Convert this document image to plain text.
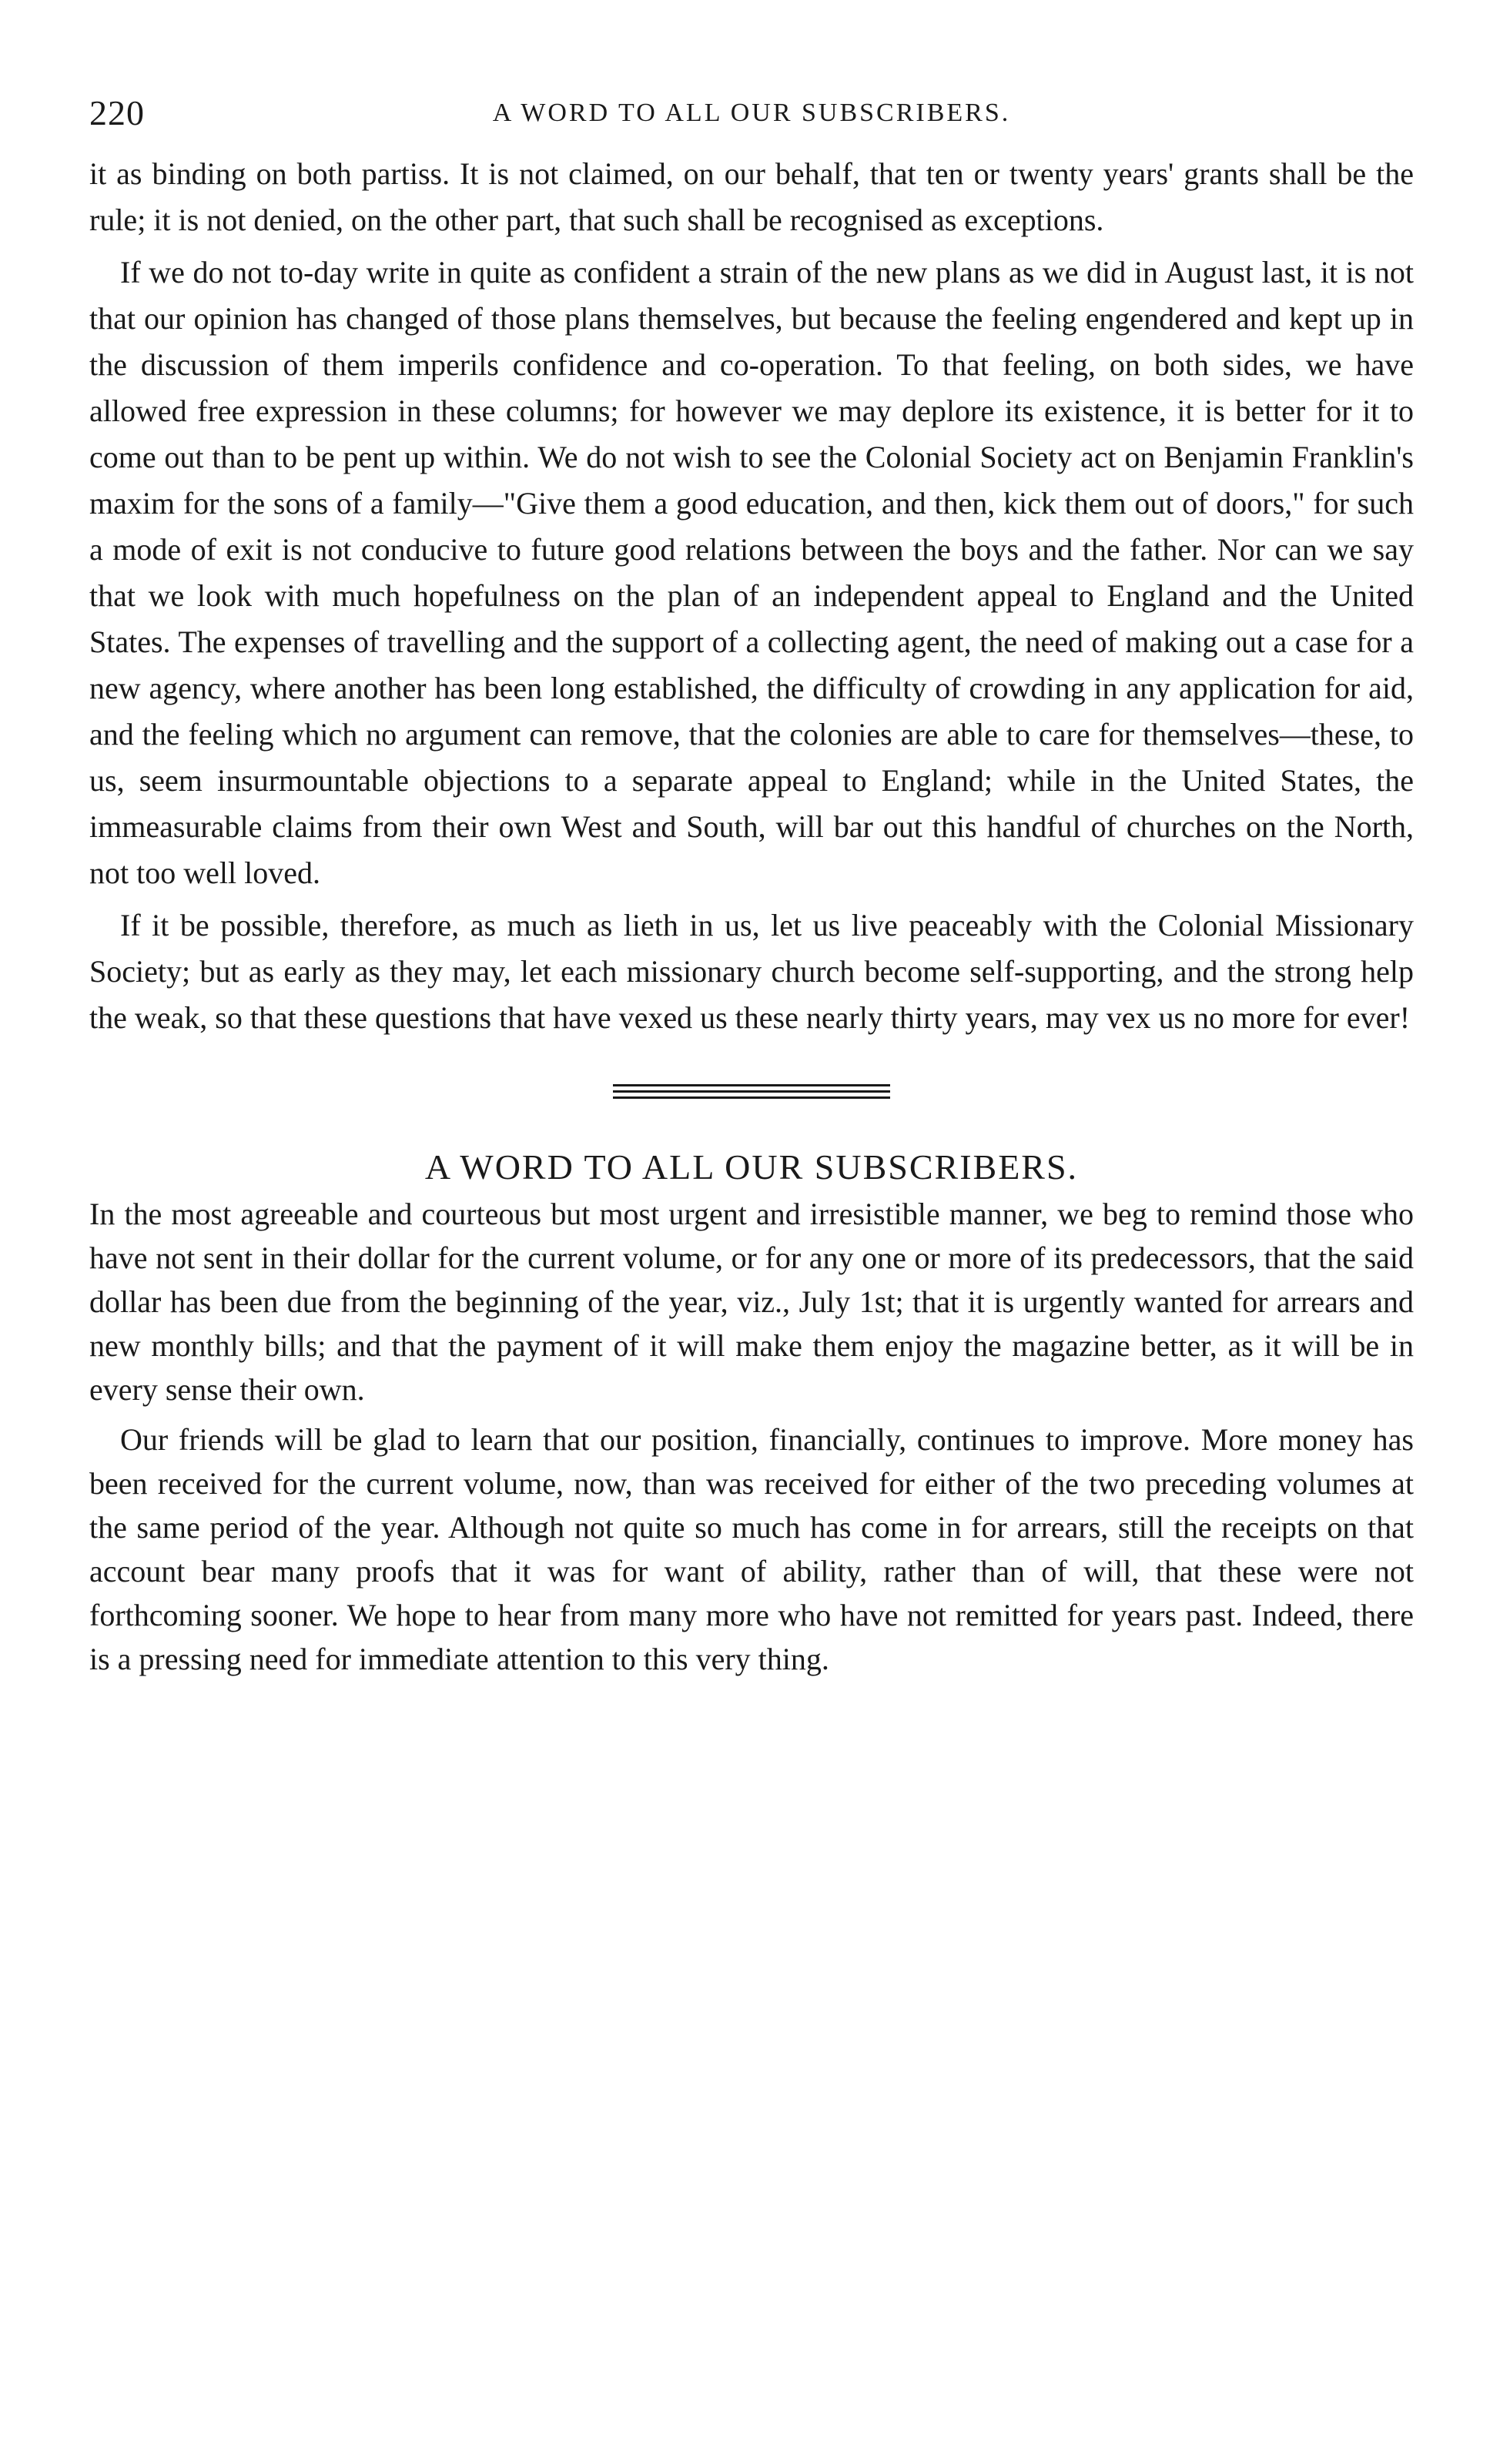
220	A WORD TO ALL OUR SUBSCRIBERS.

it as binding on both partiss. It is not claimed, on our behalf, that ten or twenty years' grants shall be the rule; it is not denied, on the other part, that such shall be recognised as exceptions.

If we do not to-day write in quite as confident a strain of the new plans as we did in August last, it is not that our opinion has changed of those plans themselves, but because the feeling engendered and kept up in the discussion of them imperils confidence and co-operation. To that feeling, on both sides, we have allowed free expression in these columns; for however we may deplore its existence, it is better for it to come out than to be pent up within. We do not wish to see the Colonial Society act on Benjamin Franklin's maxim for the sons of a family—"Give them a good education, and then, kick them out of doors," for such a mode of exit is not conducive to future good relations between the boys and the father. Nor can we say that we look with much hopefulness on the plan of an independent appeal to England and the United States. The expenses of travelling and the support of a collecting agent, the need of making out a case for a new agency, where another has been long established, the difficulty of crowding in any application for aid, and the feeling which no argument can remove, that the colonies are able to care for themselves—these, to us, seem insurmountable objections to a separate appeal to England; while in the United States, the immeasurable claims from their own West and South, will bar out this handful of churches on the North, not too well loved.

If it be possible, therefore, as much as lieth in us, let us live peaceably with the Colonial Missionary Society; but as early as they may, let each missionary church become self-supporting, and the strong help the weak, so that these questions that have vexed us these nearly thirty years, may vex us no more for ever!

A WORD TO ALL OUR SUBSCRIBERS.

In the most agreeable and courteous but most urgent and irresistible manner, we beg to remind those who have not sent in their dollar for the current volume, or for any one or more of its predecessors, that the said dollar has been due from the beginning of the year, viz., July 1st; that it is urgently wanted for arrears and new monthly bills; and that the payment of it will make them enjoy the magazine better, as it will be in every sense their own.

Our friends will be glad to learn that our position, financially, continues to improve. More money has been received for the current volume, now, than was received for either of the two preceding volumes at the same period of the year. Although not quite so much has come in for arrears, still the receipts on that account bear many proofs that it was for want of ability, rather than of will, that these were not forthcoming sooner. We hope to hear from many more who have not remitted for years past. Indeed, there is a pressing need for immediate attention to this very thing.
